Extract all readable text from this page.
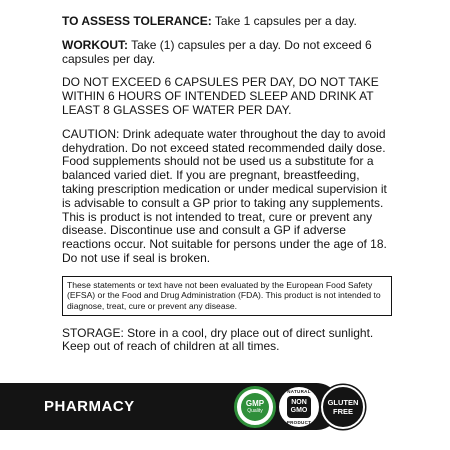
TO ASSESS TOLERANCE: Take 1 capsules per a day.

WORKOUT: Take (1) capsules per a day. Do not exceed 6 capsules per day.

DO NOT EXCEED 6 CAPSULES PER DAY, DO NOT TAKE WITHIN 6 HOURS OF INTENDED SLEEP AND DRINK AT LEAST 8 GLASSES OF WATER PER DAY.

CAUTION: Drink adequate water throughout the day to avoid dehydration. Do not exceed stated recommended daily dose. Food supplements should not be used us a substitute for a balanced varied diet. If you are pregnant, breastfeeding, taking prescription medication or under medical supervision it is advisable to consult a GP prior to taking any supplements. This is product is not intended to treat, cure or prevent any disease. Discontinue use and consult a GP if adverse reactions occur. Not suitable for persons under the age of 18. Do not use if seal is broken.

These statements or text have not been evaluated by the European Food Safety (EFSA) or the Food and Drug Administration (FDA). This product is not intended to diagnose, treat, cure or prevent any disease.

STORAGE: Store in a cool, dry place out of direct sunlight. Keep out of reach of children at all times.

PHARMACY	GMP
Quality
NATURAL
NON
GMO
PRODUCT
GLUTEN
FREE
